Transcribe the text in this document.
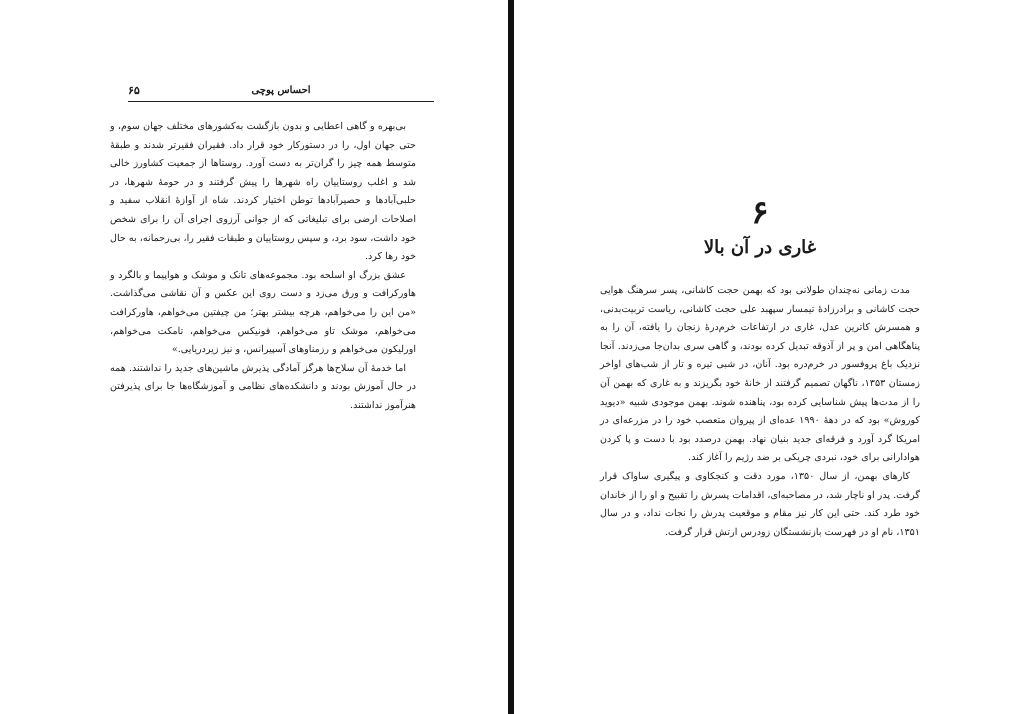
۶۵	احساس پوچی

بی‌بهره و گاهی اعطایی و بدون بازگشت به‌کشورهای مختلف جهان سوم، و حتی جهان اول، را در دستورکار خود قرار داد. فقیران فقیرتر شدند و طبقهٔ متوسط همه چیز را گران‌تر به دست آورد. روستاها از جمعیت کشاورز خالی شد و اغلب روستاییان راه شهرها را پیش گرفتند و در حومهٔ شهرها، در حلبی‌آبادها و حصیرآبادها توطن اختیار کردند. شاه از آوازهٔ انقلاب سفید و اصلاحات ارضی برای تبلیغاتی که از جوانی آرزوی اجرای آن را برای شخص خود داشت، سود برد، و سپس روستاییان و طبقات فقیر را، بی‌رحمانه، به حال خود رها کرد.

عشق بزرگ او اسلحه بود. مجموعه‌های تانک و موشک و هواپیما و بالگرد و هاورکرافت و ورق می‌زد و دست روی این عکس و آن نقاشی می‌گذاشت. «من این را می‌خواهم، هرچه بیشتر بهتر؛ من چیفتین می‌خواهم، هاورکرافت می‌خواهم، موشک تاو می‌خواهم، فونیکس می‌خواهم، تامکت می‌خواهم، اورلیکون می‌خواهم و رزمناوهای آسپیرانس، و نیز زیردریایی.»

اما خدمهٔ آن سلاح‌ها هرگز آمادگی پذیرش ماشین‌های جدید را نداشتند. همه در حال آموزش بودند و دانشکده‌های نظامی و آموزشگاه‌ها جا برای پذیرفتن هنرآموز نداشتند.

۶
غاری در آن بالا

مدت زمانی نه‌چندان طولانی بود که بهمن حجت کاشانی، پسر سرهنگ هوایی حجت کاشانی و برادرزادهٔ تیمسار سپهبد علی حجت کاشانی، ریاست تربیت‌بدنی، و همسرش کاترین عدل، غاری در ارتفاعات خرم‌درهٔ زنجان را یافته، آن را به پناهگاهی امن و پر از آذوقه تبدیل کرده بودند، و گاهی سری بدان‌جا می‌زدند. آنجا نزدیک باغ پروفسور در خرم‌دره بود. آنان، در شبی تیره و تار از شب‌های اواخر زمستان ۱۳۵۳، ناگهان تصمیم گرفتند از خانهٔ خود بگریزند و به غاری که بهمن آن را از مدت‌ها پیش شناسایی کرده بود، پناهنده شوند. بهمن موجودی شبیه «دیوید کوروش» بود که در دههٔ ۱۹۹۰ عده‌ای از پیروان متعصب خود را در مزرعه‌ای در امریکا گرد آورد و فرقه‌ای جدید بنیان نهاد. بهمن درصدد بود با دست و پا کردن هوادارانی برای خود، نبردی چریکی بر ضد رژیم را آغاز کند.

کارهای بهمن، از سال ۱۳۵۰، مورد دقت و کنجکاوی و پیگیری ساواک قرار گرفت. پدر او ناچار شد، در مصاحبه‌ای، اقدامات پسرش را تقبیح و او را از خاندان خود طرد کند. حتی این کار نیز مقام و موقعیت پدرش را نجات نداد، و در سال ۱۳۵۱، نام او در فهرست بازنشستگان زودرس ارتش قرار گرفت.
